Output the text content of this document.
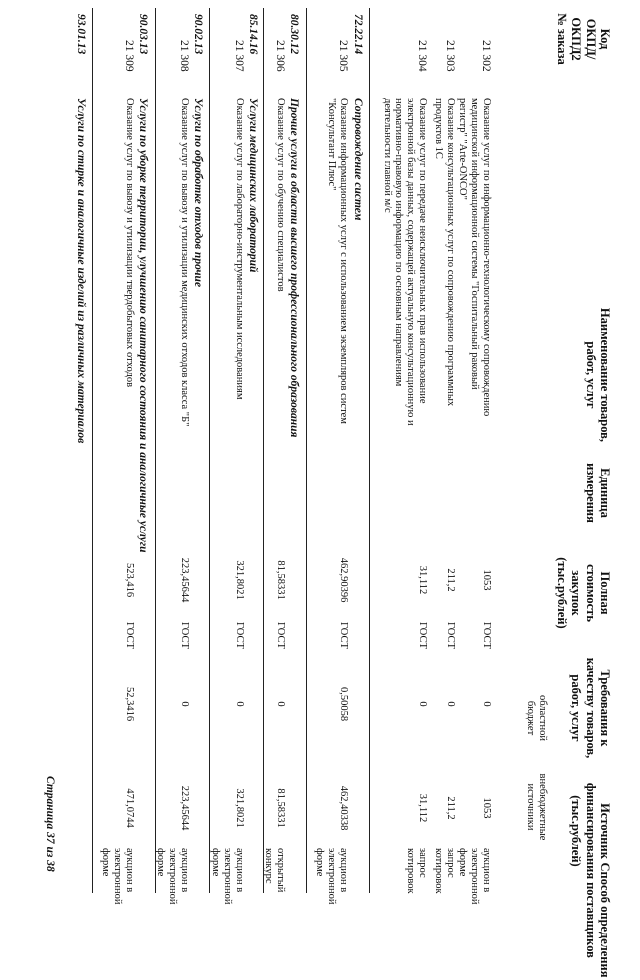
Код ОКПД/ ОКПД2 № заказа
Наименование товаров, работ, услуг
Единица измерения
Полная стоимость закупок (тыс.рублей)
Требования к качеству товаров, работ, услуг
Источник финансирования (тыс.рублей)
областной бюджет
внебюджетные источники
Способ определения поставщиков
21 302
Оказание услуг по информационно-технологическому сопровождению медицинской информационной системы "Госпитальный раковый регистр" "Arte-ONCO"
1053
ГОСТ
0
1053
аукцион в электронной форме
21 303
Оказание консультационных услуг по сопровождению программных продуктов 1С
211,2
ГОСТ
0
211,2
запрос котировок
21 304
Оказание услуг по передаче неисключительных прав использование электронной базы данных, содержащей актуальную консультационную и нормативно-правовую информацию по основным направлениям деятельности главной м/с
31,112
ГОСТ
0
31,112
запрос котировок
72.22.14
Сопровождение систем
21 305
Оказание информационных услуг с использованием экземпляров систем "Консультант Плюс"
462,90396
ГОСТ
0,50058
462,40338
аукцион в электронной форме
80.30.12
Прочие услуги в области высшего профессионального образования
21 306
Оказание услуг по обучению специалистов
81,58331
ГОСТ
0
81,58331
открытый конкурс
85.14.16
Услуги медицинских лабораторий
21 307
Оказание услуг по лабораторно-инструментальным исследованиям
321,8021
ГОСТ
0
321,8021
аукцион в электронной форме
90.02.13
Услуги по обработке отходов прочие
21 308
Оказание услуг по вывозу и утилизации медицинских отходов класса "Б"
223,45644
ГОСТ
0
223,45644
аукцион в электронной форме
90.03.13
Услуги по уборке территории, улучшению санитарного состояния и аналогичные услуги
21 309
Оказание услуг по вывозу и утилизации твердобытовых отходов
523,416
ГОСТ
52,3416
471,0744
аукцион в электронной форме
93.01.13
Услуги по стирке и аналогичные изделий из различных материалов
Страница 37 из 38
